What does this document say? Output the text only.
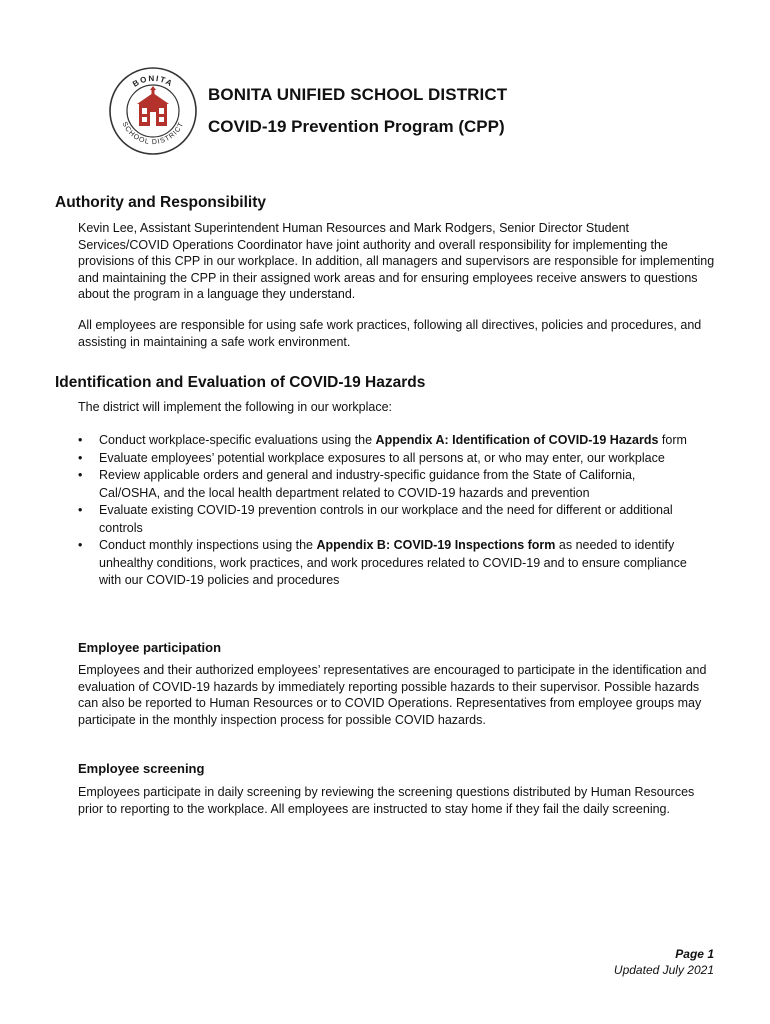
BONITA
SCHOOL DISTRICT
BONITA UNIFIED SCHOOL DISTRICT
COVID-19 Prevention Program (CPP)
Authority and Responsibility

Kevin Lee, Assistant Superintendent Human Resources and Mark Rodgers, Senior Director Student Services/COVID Operations Coordinator have joint authority and overall responsibility for implementing the provisions of this CPP in our workplace. In addition, all managers and supervisors are responsible for implementing and maintaining the CPP in their assigned work areas and for ensuring employees receive answers to questions about the program in a language they understand.

All employees are responsible for using safe work practices, following all directives, policies and procedures, and assisting in maintaining a safe work environment.

Identification and Evaluation of COVID-19 Hazards

The district will implement the following in our workplace:

• Conduct workplace-specific evaluations using the Appendix A: Identification of COVID-19 Hazards form
• Evaluate employees’ potential workplace exposures to all persons at, or who may enter, our workplace
• Review applicable orders and general and industry-specific guidance from the State of California, Cal/OSHA, and the local health department related to COVID-19 hazards and prevention
• Evaluate existing COVID-19 prevention controls in our workplace and the need for different or additional controls
• Conduct monthly inspections using the Appendix B: COVID-19 Inspections form as needed to identify unhealthy conditions, work practices, and work procedures related to COVID-19 and to ensure compliance with our COVID-19 policies and procedures
Employee participation

Employees and their authorized employees’ representatives are encouraged to participate in the identification and evaluation of COVID-19 hazards by immediately reporting possible hazards to their supervisor. Possible hazards can also be reported to Human Resources or to COVID Operations. Representatives from employee groups may participate in the monthly inspection process for possible COVID hazards.

Employee screening

Employees participate in daily screening by reviewing the screening questions distributed by Human Resources prior to reporting to the workplace. All employees are instructed to stay home if they fail the daily screening.

Page 1
Updated July 2021
